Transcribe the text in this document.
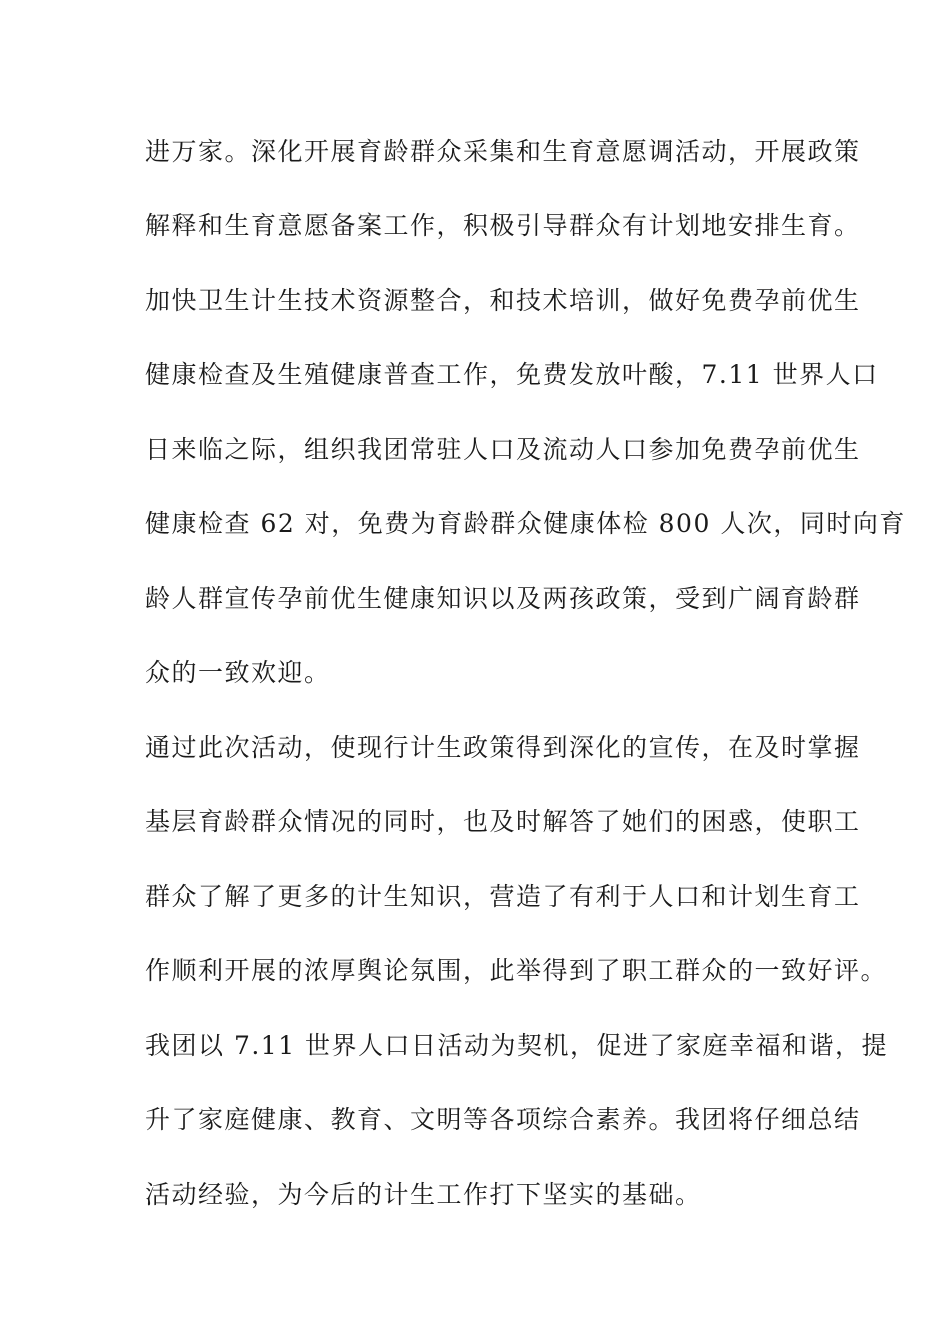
进万家。深化开展育龄群众采集和生育意愿调活动，开展政策
解释和生育意愿备案工作，积极引导群众有计划地安排生育。
加快卫生计生技术资源整合，和技术培训，做好免费孕前优生
健康检查及生殖健康普查工作，免费发放叶酸，7.11 世界人口
日来临之际，组织我团常驻人口及流动人口参加免费孕前优生
健康检查 62 对，免费为育龄群众健康体检 800 人次，同时向育
龄人群宣传孕前优生健康知识以及两孩政策，受到广阔育龄群
众的一致欢迎。
通过此次活动，使现行计生政策得到深化的宣传，在及时掌握
基层育龄群众情况的同时，也及时解答了她们的困惑，使职工
群众了解了更多的计生知识，营造了有利于人口和计划生育工
作顺利开展的浓厚舆论氛围，此举得到了职工群众的一致好评。
我团以 7.11 世界人口日活动为契机，促进了家庭幸福和谐，提
升了家庭健康、教育、文明等各项综合素养。我团将仔细总结
活动经验，为今后的计生工作打下坚实的基础。
